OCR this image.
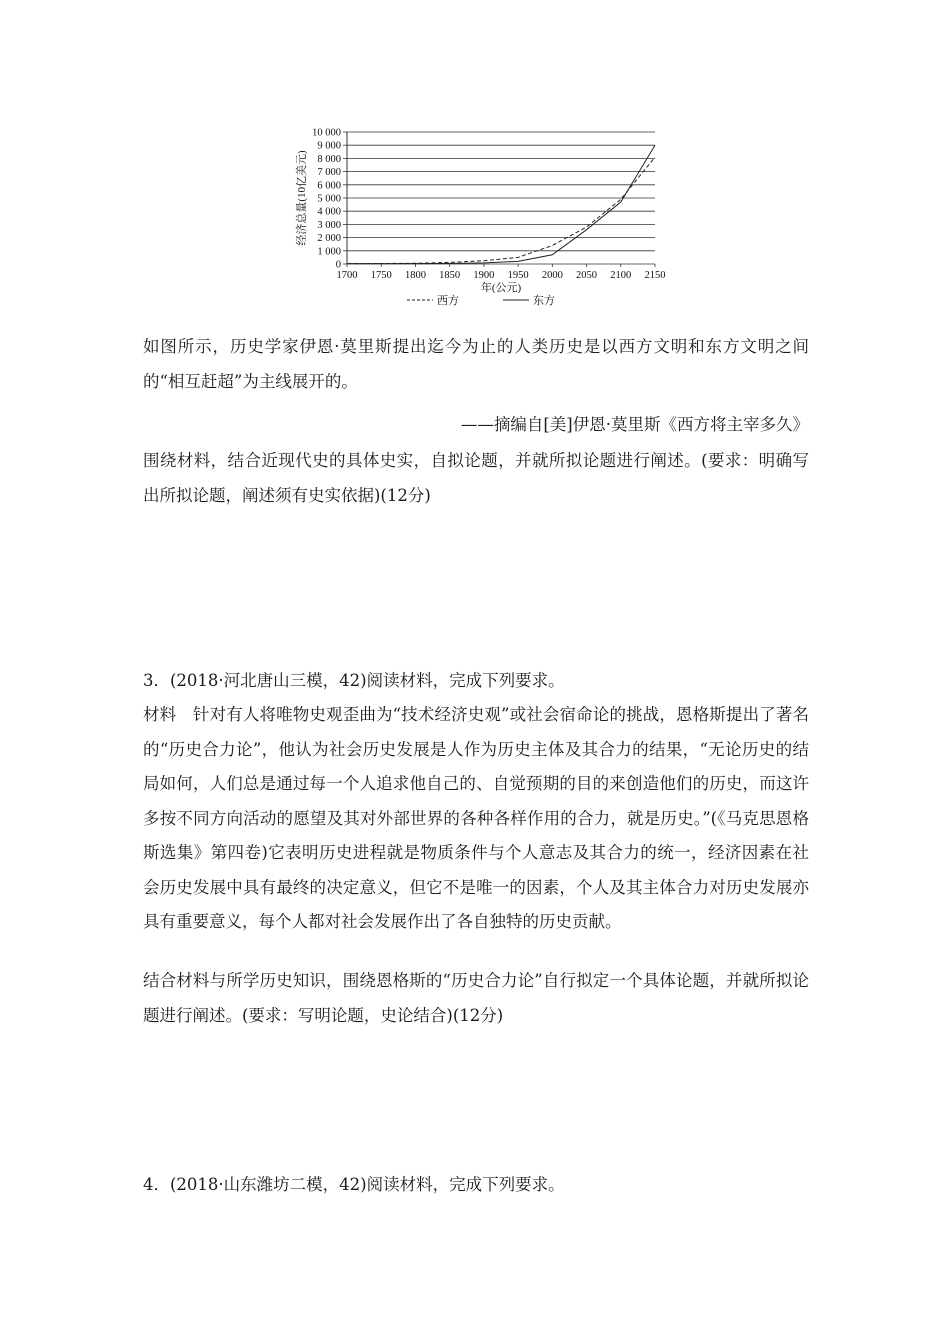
0
1 000
2 000
3 000
4 000
5 000
6 000
7 000
8 000
9 000
10 000
1700 1750 1800 1850 1900 1950 2000 2050 2100 2150
年(公元)
经济总量(10亿美元)
西方	东方

如图所示，历史学家伊恩·莫里斯提出迄今为止的人类历史是以西方文明和东方文明之间的“相互赶超”为主线展开的。

——摘编自[美]伊恩·莫里斯《西方将主宰多久》

围绕材料，结合近现代史的具体史实，自拟论题，并就所拟论题进行阐述。(要求：明确写出所拟论题，阐述须有史实依据)(12分)

3．(2018·河北唐山三模，42)阅读材料，完成下列要求。

材料　针对有人将唯物史观歪曲为“技术经济史观”或社会宿命论的挑战，恩格斯提出了著名的“历史合力论”，他认为社会历史发展是人作为历史主体及其合力的结果，“无论历史的结局如何，人们总是通过每一个人追求他自己的、自觉预期的目的来创造他们的历史，而这许多按不同方向活动的愿望及其对外部世界的各种各样作用的合力，就是历史。”(《马克思恩格斯选集》第四卷)它表明历史进程就是物质条件与个人意志及其合力的统一，经济因素在社会历史发展中具有最终的决定意义，但它不是唯一的因素，个人及其主体合力对历史发展亦具有重要意义，每个人都对社会发展作出了各自独特的历史贡献。

结合材料与所学历史知识，围绕恩格斯的“历史合力论”自行拟定一个具体论题，并就所拟论题进行阐述。(要求：写明论题，史论结合)(12分)

4．(2018·山东潍坊二模，42)阅读材料，完成下列要求。
